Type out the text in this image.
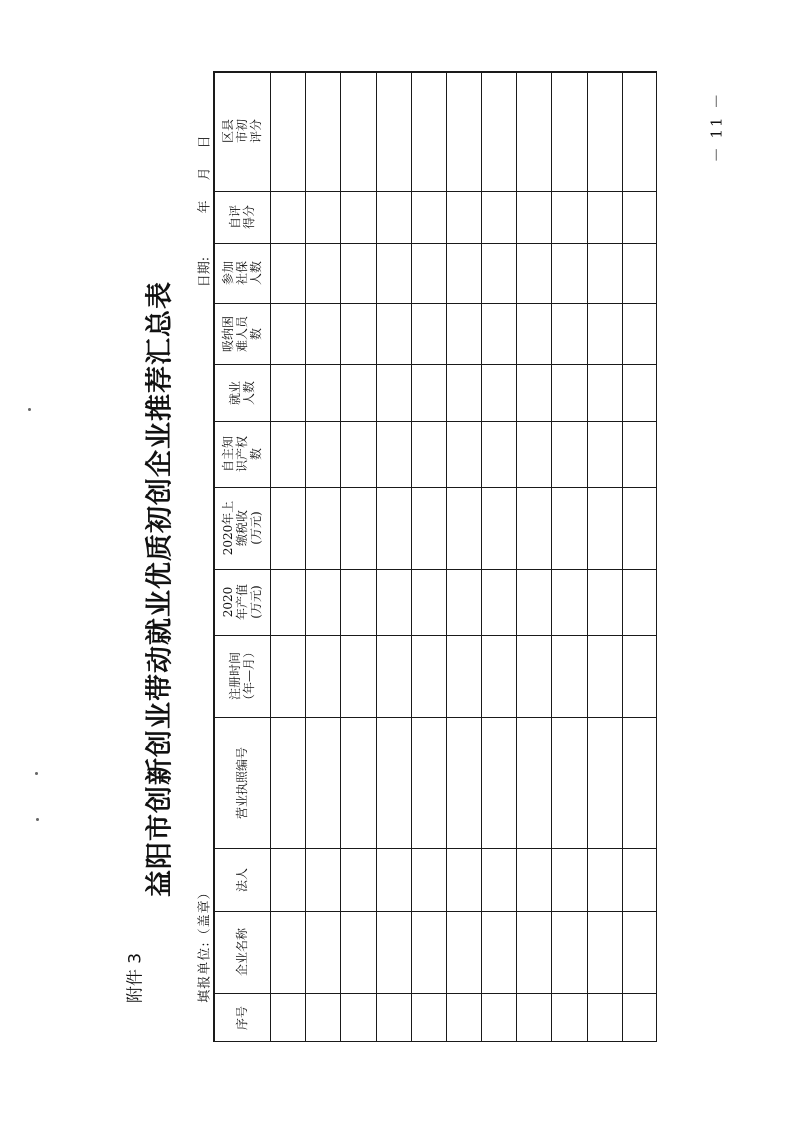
附件 3
益阳市创新创业带动就业优质初创企业推荐汇总表
填报单位:（盖章）
日期:
年
月
日	－ 11 －
序号
企业名称
法人
营业执照编号
注册时间 （年—月）
2020 年产值 (万元)
2020年上 缴税收 (万元)
自主知 识产权 数
就业 人数
吸纳困 难人员 数
参加 社保 人数
自评 得分
区县 市初 评分
